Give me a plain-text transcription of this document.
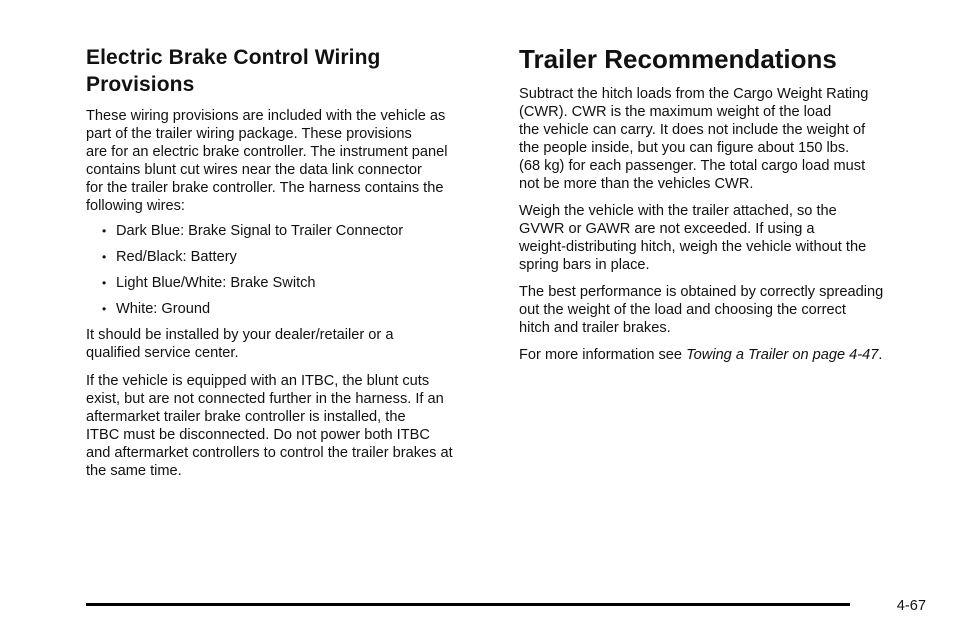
Electric Brake Control Wiring
Provisions

These wiring provisions are included with the vehicle as

part of the trailer wiring package. These provisions

are for an electric brake controller. The instrument panel

contains blunt cut wires near the data link connector

for the trailer brake controller. The harness contains the

following wires:

• Dark Blue: Brake Signal to Trailer Connector
• Red/Black: Battery
• Light Blue/White: Brake Switch
• White: Ground

It should be installed by your dealer/retailer or a

qualified service center.

If the vehicle is equipped with an ITBC, the blunt cuts

exist, but are not connected further in the harness. If an

aftermarket trailer brake controller is installed, the

ITBC must be disconnected. Do not power both ITBC

and aftermarket controllers to control the trailer brakes at

the same time.

Trailer Recommendations

Subtract the hitch loads from the Cargo Weight Rating

(CWR). CWR is the maximum weight of the load

the vehicle can carry. It does not include the weight of

the people inside, but you can figure about 150 lbs.

(68 kg) for each passenger. The total cargo load must

not be more than the vehicles CWR.

Weigh the vehicle with the trailer attached, so the

GVWR or GAWR are not exceeded. If using a

weight-distributing hitch, weigh the vehicle without the

spring bars in place.

The best performance is obtained by correctly spreading

out the weight of the load and choosing the correct

hitch and trailer brakes.

For more information see Towing a Trailer on page 4-47.

4-67
